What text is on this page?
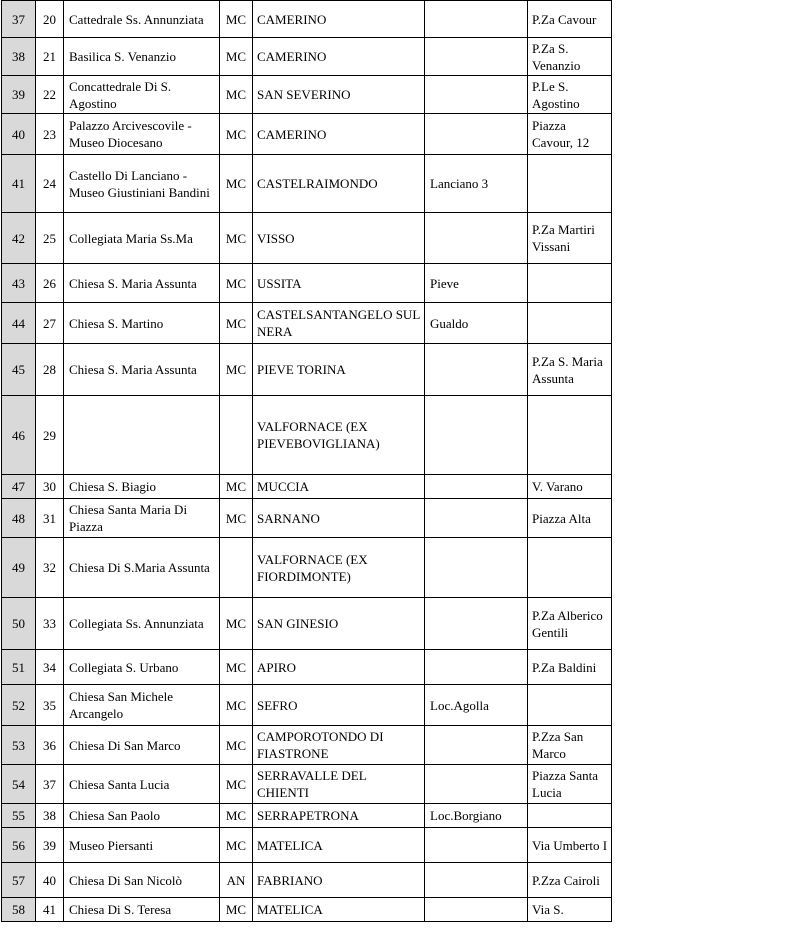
37	20	Cattedrale Ss. Annunziata	MC	CAMERINO		P.Za Cavour
38	21	Basilica S. Venanzio	MC	CAMERINO		P.Za S. Venanzio
39	22	Concattedrale Di S. Agostino	MC	SAN SEVERINO		P.Le S. Agostino
40	23	Palazzo Arcivescovile - Museo Diocesano	MC	CAMERINO		Piazza Cavour, 12
41	24	Castello Di Lanciano - Museo Giustiniani Bandini	MC	CASTELRAIMONDO	Lanciano 3	
42	25	Collegiata Maria Ss.Ma	MC	VISSO		P.Za Martiri Vissani
43	26	Chiesa S. Maria Assunta	MC	USSITA	Pieve	
44	27	Chiesa S. Martino	MC	CASTELSANTANGELO SUL NERA	Gualdo	
45	28	Chiesa S. Maria Assunta	MC	PIEVE TORINA		P.Za S. Maria Assunta
46	29			VALFORNACE (EX PIEVEBOVIGLIANA)		
47	30	Chiesa S. Biagio	MC	MUCCIA		V. Varano
48	31	Chiesa Santa Maria Di Piazza	MC	SARNANO		Piazza Alta
49	32	Chiesa Di S.Maria Assunta		VALFORNACE (EX FIORDIMONTE)		
50	33	Collegiata Ss. Annunziata	MC	SAN GINESIO		P.Za Alberico Gentili
51	34	Collegiata S. Urbano	MC	APIRO		P.Za Baldini
52	35	Chiesa San Michele Arcangelo	MC	SEFRO	Loc.Agolla	
53	36	Chiesa Di San Marco	MC	CAMPOROTONDO DI FIASTRONE		P.Zza San Marco
54	37	Chiesa Santa Lucia	MC	SERRAVALLE DEL CHIENTI		Piazza Santa Lucia
55	38	Chiesa San Paolo	MC	SERRAPETRONA	Loc.Borgiano	
56	39	Museo Piersanti	MC	MATELICA		Via Umberto I
57	40	Chiesa Di San Nicolò	AN	FABRIANO		P.Zza Cairoli
58	41	Chiesa Di S. Teresa	MC	MATELICA		Via S.
